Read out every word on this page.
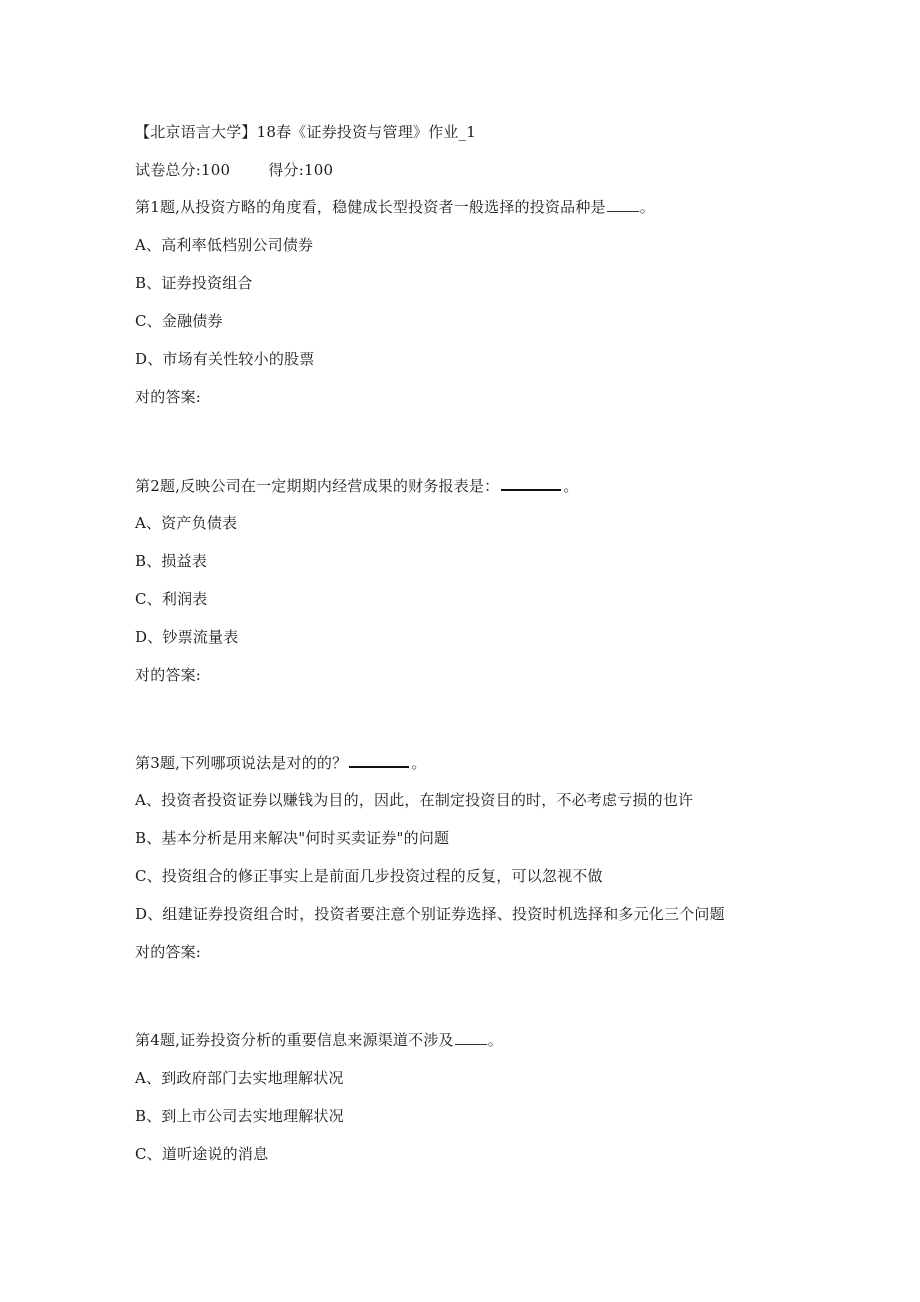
【北京语言大学】18春《证券投资与管理》作业_1
试卷总分:100	得分:100
第1题,从投资方略的角度看，稳健成长型投资者一般选择的投资品种是 。
A、高利率低档别公司债券
B、证券投资组合
C、金融债券
D、市场有关性较小的股票
对的答案:
第2题,反映公司在一定期期内经营成果的财务报表是：	。
A、资产负债表
B、损益表
C、利润表
D、钞票流量表
对的答案:
第3题,下列哪项说法是对的的？	。
A、投资者投资证券以赚钱为目的，因此，在制定投资目的时，不必考虑亏损的也许
B、基本分析是用来解决"何时买卖证券"的问题
C、投资组合的修正事实上是前面几步投资过程的反复，可以忽视不做
D、组建证券投资组合时，投资者要注意个别证券选择、投资时机选择和多元化三个问题
对的答案:
第4题,证券投资分析的重要信息来源渠道不涉及 。
A、到政府部门去实地理解状况
B、到上市公司去实地理解状况
C、道听途说的消息
